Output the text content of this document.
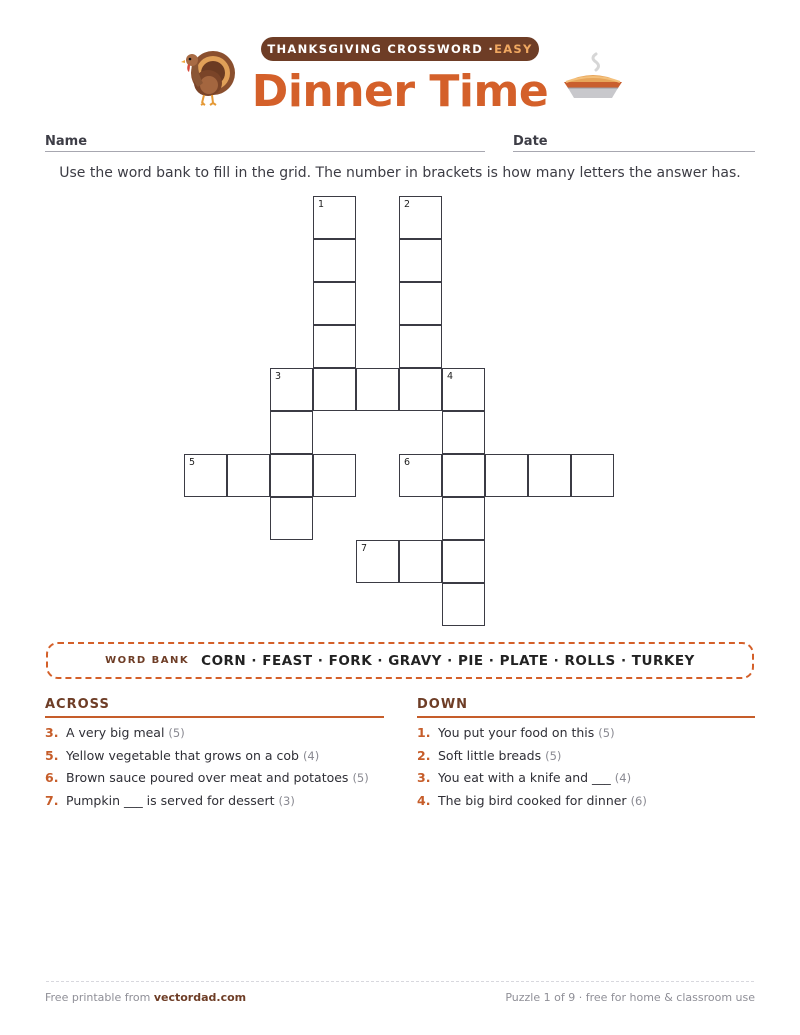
THANKSGIVING CROSSWORD · EASY
Dinner Time
Name	Date
Use the word bank to fill in the grid. The number in brackets is how many letters the answer has.
1	2
3	4
5	6
7
WORD BANK CORN · FEAST · FORK · GRAVY · PIE · PLATE · ROLLS · TURKEY
ACROSS
3. A very big meal (5)
5. Yellow vegetable that grows on a cob (4)
6. Brown sauce poured over meat and potatoes (5)
7. Pumpkin ___ is served for dessert (3)
DOWN
1. You put your food on this (5)
2. Soft little breads (5)
3. You eat with a knife and ___ (4)
4. The big bird cooked for dinner (6)
Free printable from vectordad.com	Puzzle 1 of 9 · free for home & classroom use
